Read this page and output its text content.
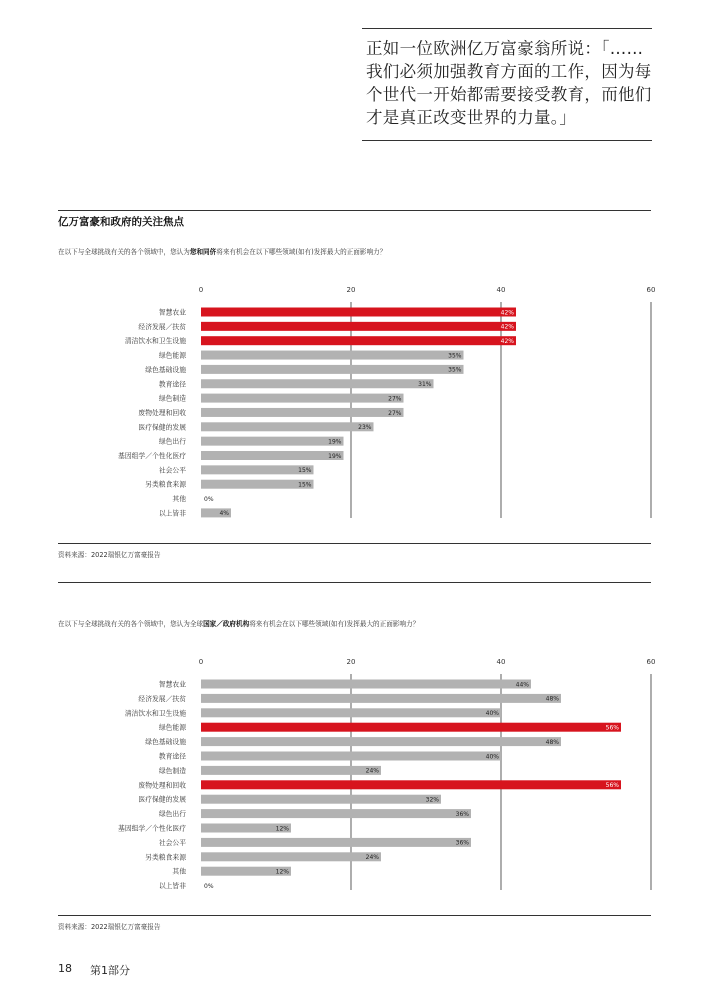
正如一位欧洲亿万富豪翁所说：「……我们必须加强教育方面的工作，因为每个世代一开始都需要接受教育，而他们才是真正改变世界的力量。」
亿万富豪和政府的关注焦点
在以下与全球挑战有关的各个领域中，您认为您和同侪将来有机会在以下哪些领域(如有)发挥最大的正面影响力？
0	20	40	60
智慧农业	42%
经济发展／扶贫	42%
清洁饮水和卫生设施	42%
绿色能源	35%
绿色基础设施	35%
教育途径	31%
绿色制造	27%
废物处理和回收	27%
医疗保健的发展	23%
绿色出行	19%
基因组学／个性化医疗	19%
社会公平	15%
另类粮食来源	15%
其他	0%
以上皆非	4%
资料来源：2022瑞银亿万富豪报告
在以下与全球挑战有关的各个领域中，您认为全球国家／政府机构将来有机会在以下哪些领域(如有)发挥最大的正面影响力？
0	20	40	60
智慧农业	44%
经济发展／扶贫	48%
清洁饮水和卫生设施	40%
绿色能源	56%
绿色基础设施	48%
教育途径	40%
绿色制造	24%
废物处理和回收	56%
医疗保健的发展	32%
绿色出行	36%
基因组学／个性化医疗	12%
社会公平	36%
另类粮食来源	24%
其他	12%
以上皆非	0%
资料来源：2022瑞银亿万富豪报告
18 第1部分
